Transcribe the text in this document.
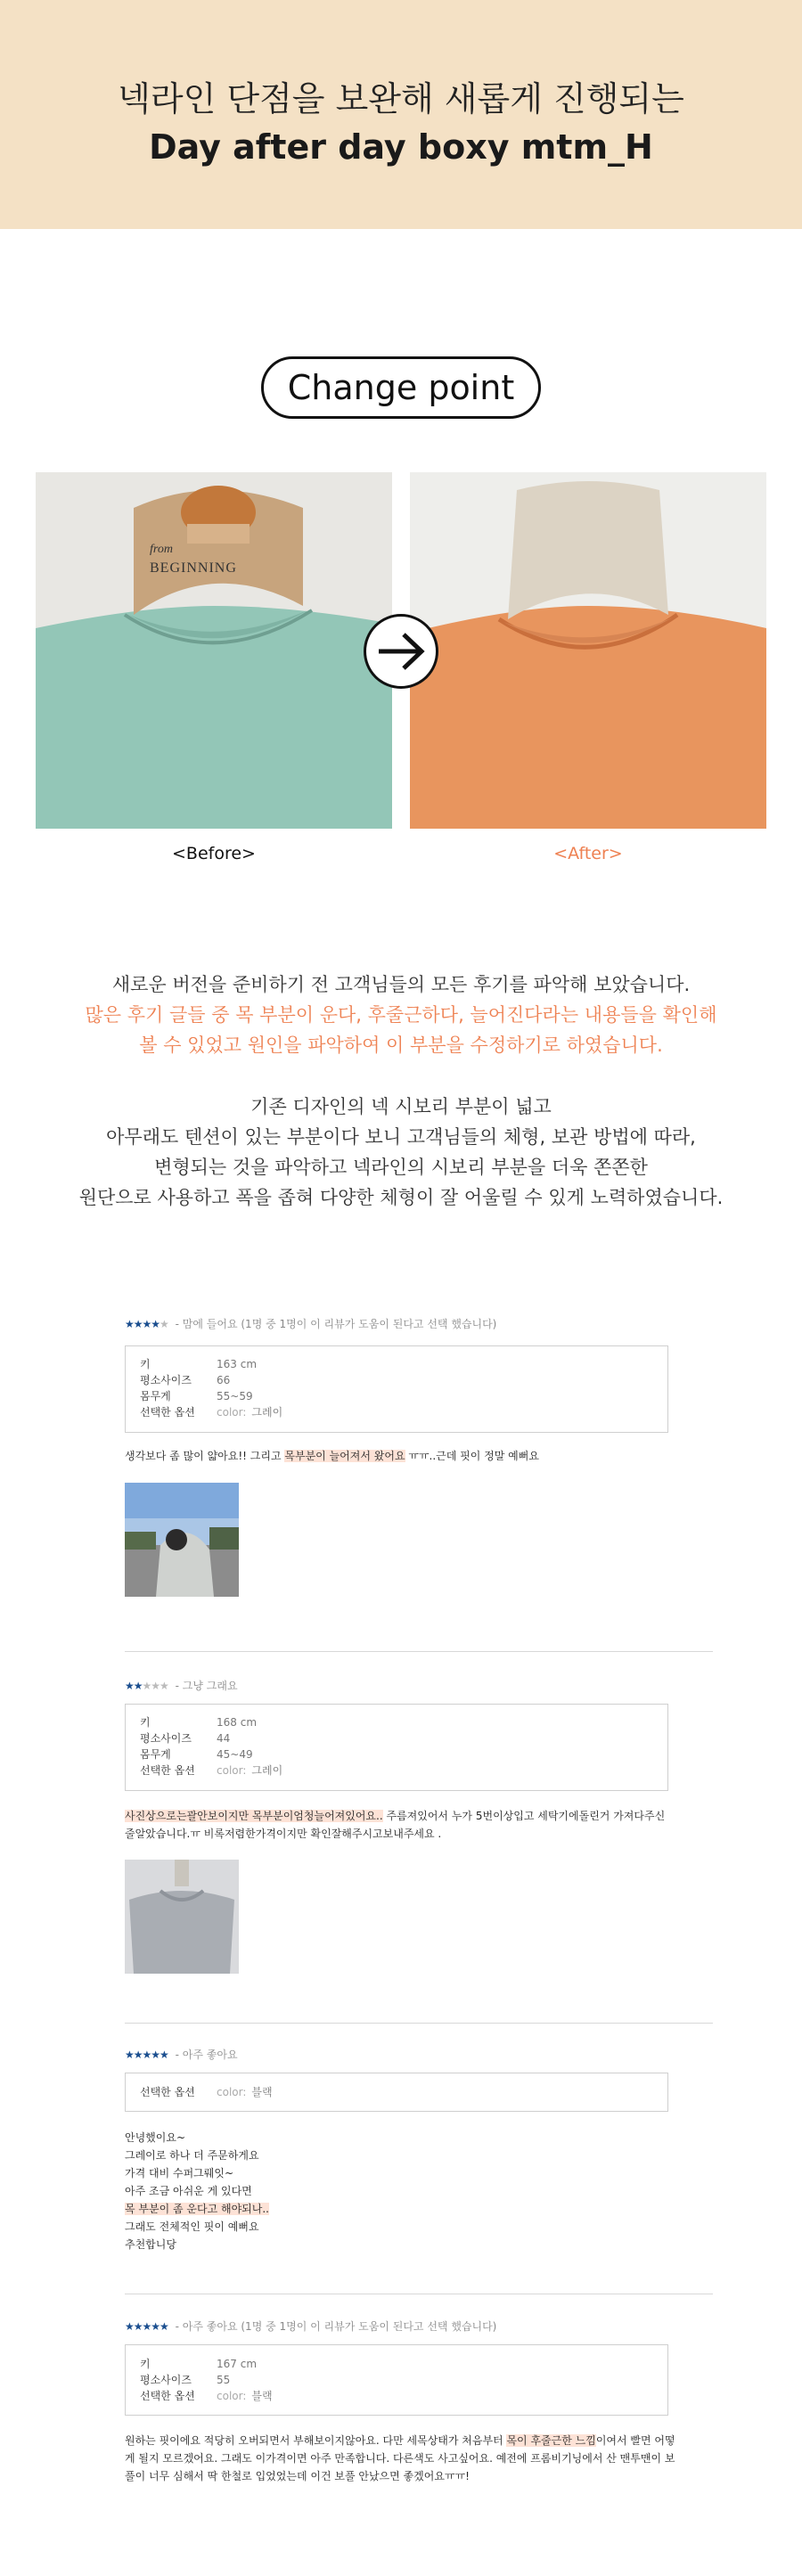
넥라인 단점을 보완해 새롭게 진행되는
Day after day boxy mtm_H
Change point
from
BEGINNING
<Before>	<After>
새로운 버전을 준비하기 전 고객님들의 모든 후기를 파악해 보았습니다.
많은 후기 글들 중 목 부분이 운다, 후줄근하다, 늘어진다라는 내용들을 확인해
볼 수 있었고 원인을 파악하여 이 부분을 수정하기로 하였습니다.
기존 디자인의 넥 시보리 부분이 넓고
아무래도 텐션이 있는 부분이다 보니 고객님들의 체형, 보관 방법에 따라,
변형되는 것을 파악하고 넥라인의 시보리 부분을 더욱 쫀쫀한
원단으로 사용하고 폭을 좁혀 다양한 체형이 잘 어울릴 수 있게 노력하였습니다.
★★★★★ - 맘에 들어요 (1명 중 1명이 이 리뷰가 도움이 된다고 선택 했습니다)
키	163 cm
평소사이즈 66
몸무게	55~59
선택한 옵션 color: 그레이
생각보다 좀 많이 얇아요!! 그리고 목부분이 늘어져서 왔어요 ㅠㅠ..근데 핏이 정말 예뻐요
★★★★★ - 그냥 그래요
키	168 cm
평소사이즈 44
몸무게	45~49
선택한 옵션 color: 그레이
사진상으로는괄안보이지만 목부분이엄청늘어져있어요.. 주름져있어서 누가 5번이상입고 세탁기에돌린거 가져다주신
줄알았습니다.ㅠ 비록저렴한가격이지만 확인잘해주시고보내주세요 .
★★★★★ - 아주 좋아요
선택한 옵션 color: 블랙
안녕했이요~
그레이로 하나 더 주문하게요
가격 대비 수퍼그뤠잇~
아주 조금 아쉬운 게 있다면
목 부분이 좀 운다고 해야되나..
그래도 전체적인 핏이 예뻐요
추천합니당
★★★★★ - 아주 좋아요 (1명 중 1명이 이 리뷰가 도움이 된다고 선택 했습니다)
키	167 cm
평소사이즈 55
선택한 옵션 color: 블랙
원하는 핏이에요 적당히 오버되면서 부해보이지않아요. 다만 세목상태가 처음부터 목이 후줄근한 느낌이여서 빨면 어떻
게 될지 모르겠어요. 그래도 이가격이면 아주 만족합니다. 다른색도 사고싶어요. 예전에 프롬비기닝에서 산 맨투맨이 보
풀이 너무 심해서 딱 한철로 입었었는데 이건 보풀 안났으면 좋겠어요ㅠㅠ!
